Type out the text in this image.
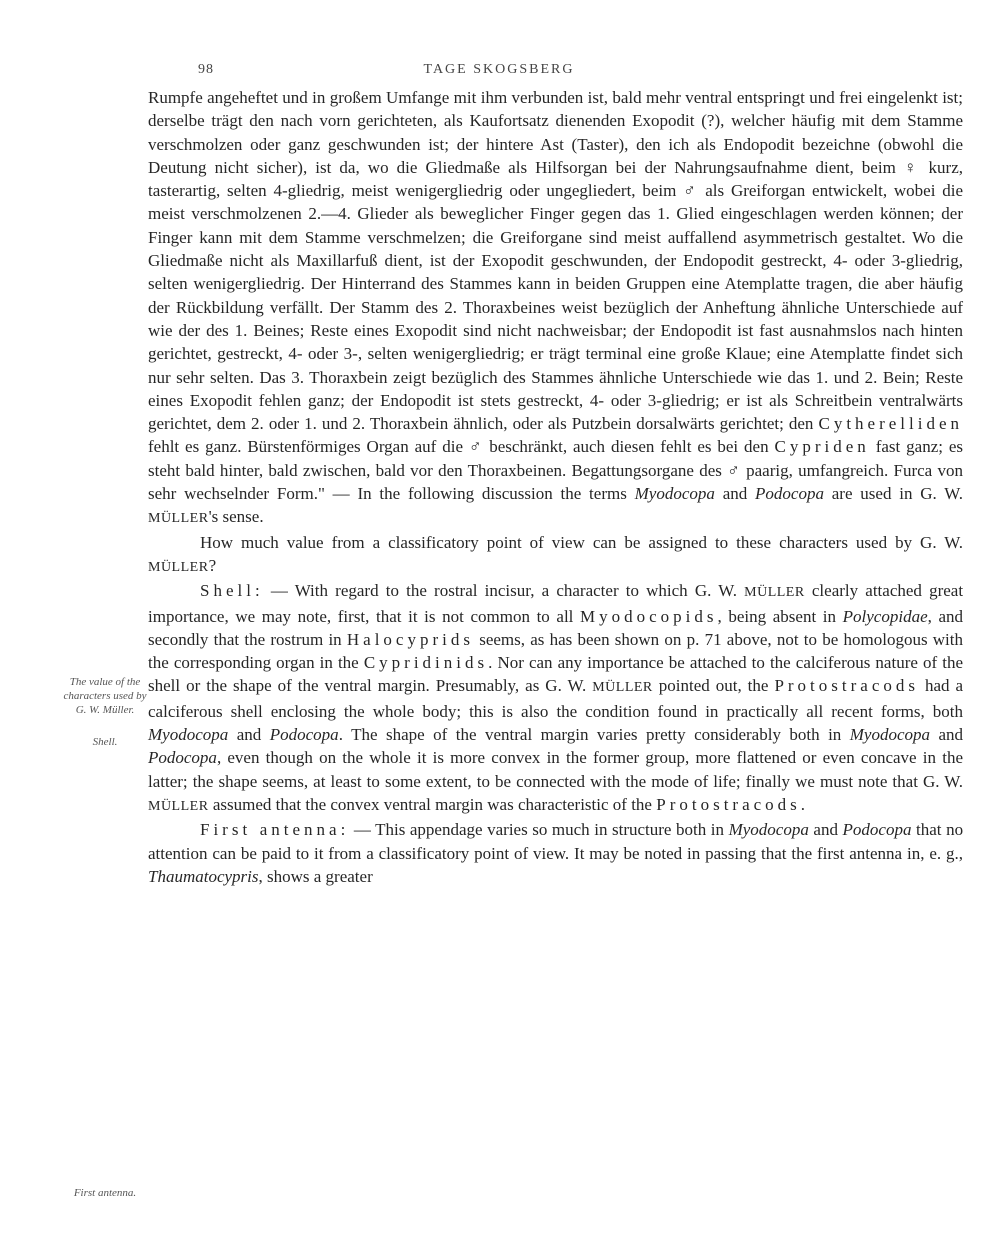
98	TAGE SKOGSBERG
The value of the characters used by G. W. Müller.
Shell.
First antenna.

Rumpfe angeheftet und in großem Umfange mit ihm verbunden ist, bald mehr ventral entspringt und frei eingelenkt ist; derselbe trägt den nach vorn gerichteten, als Kaufortsatz dienenden Exopodit (?), welcher häufig mit dem Stamme verschmolzen oder ganz geschwunden ist; der hintere Ast (Taster), den ich als Endopodit bezeichne (obwohl die Deutung nicht sicher), ist da, wo die Gliedmaße als Hilfsorgan bei der Nahrungsaufnahme dient, beim ♀ kurz, tasterartig, selten 4-gliedrig, meist wenigergliedrig oder ungegliedert, beim ♂ als Greiforgan entwickelt, wobei die meist verschmolzenen 2.—4. Glieder als beweglicher Finger gegen das 1. Glied eingeschlagen werden können; der Finger kann mit dem Stamme verschmelzen; die Greiforgane sind meist auffallend asymmetrisch gestaltet. Wo die Gliedmaße nicht als Maxillarfuß dient, ist der Exopodit geschwunden, der Endopodit gestreckt, 4- oder 3-gliedrig, selten wenigergliedrig. Der Hinterrand des Stammes kann in beiden Gruppen eine Atemplatte tragen, die aber häufig der Rückbildung verfällt. Der Stamm des 2. Thoraxbeines weist bezüglich der Anheftung ähnliche Unterschiede auf wie der des 1. Beines; Reste eines Exopodit sind nicht nachweisbar; der Endopodit ist fast ausnahmslos nach hinten gerichtet, gestreckt, 4- oder 3-, selten wenigergliedrig; er trägt terminal eine große Klaue; eine Atemplatte findet sich nur sehr selten. Das 3. Thoraxbein zeigt bezüglich des Stammes ähnliche Unterschiede wie das 1. und 2. Bein; Reste eines Exopodit fehlen ganz; der Endopodit ist stets gestreckt, 4- oder 3-gliedrig; er ist als Schreitbein ventralwärts gerichtet, dem 2. oder 1. und 2. Thoraxbein ähnlich, oder als Putzbein dorsalwärts gerichtet; den Cytherelliden fehlt es ganz. Bürstenförmiges Organ auf die ♂ beschränkt, auch diesen fehlt es bei den Cypriden fast ganz; es steht bald hinter, bald zwischen, bald vor den Thoraxbeinen. Begattungsorgane des ♂ paarig, umfangreich. Furca von sehr wechselnder Form." — In the following discussion the terms Myodocopa and Podocopa are used in G. W. MÜLLER's sense.

How much value from a classificatory point of view can be assigned to these characters used by G. W. MÜLLER?

Shell: — With regard to the rostral incisur, a character to which G. W. MÜLLER clearly attached great importance, we may note, first, that it is not common to all Myodocopids, being absent in Polycopidae, and secondly that the rostrum in Halocyprids seems, as has been shown on p. 71 above, not to be homologous with the corresponding organ in the Cypridinids. Nor can any importance be attached to the calciferous nature of the shell or the shape of the ventral margin. Presumably, as G. W. MÜLLER pointed out, the Protostracods had a calciferous shell enclosing the whole body; this is also the condition found in practically all recent forms, both Myodocopa and Podocopa. The shape of the ventral margin varies pretty considerably both in Myodocopa and Podocopa, even though on the whole it is more convex in the former group, more flattened or even concave in the latter; the shape seems, at least to some extent, to be connected with the mode of life; finally we must note that G. W. MÜLLER assumed that the convex ventral margin was characteristic of the Protostracods.

First antenna: — This appendage varies so much in structure both in Myodocopa and Podocopa that no attention can be paid to it from a classificatory point of view. It may be noted in passing that the first antenna in, e. g., Thaumatocypris, shows a greater
